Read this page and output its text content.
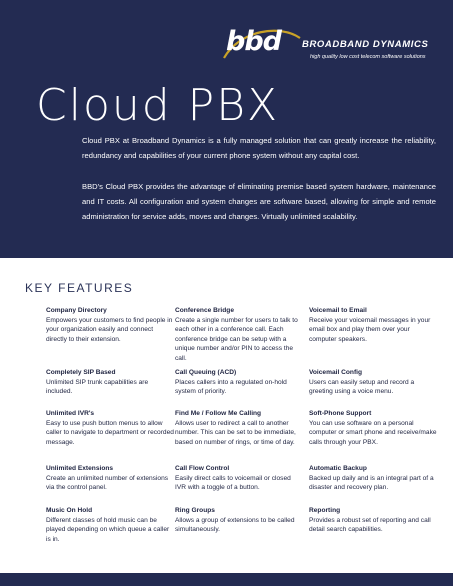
bbd BROADBAND DYNAMICS
high quality low cost telecom software solutions
Cloud PBX

Cloud PBX at Broadband Dynamics is a fully managed solution that can greatly increase the reliability, redundancy and capabilities of your current phone system without any capital cost.

BBD's Cloud PBX provides the advantage of eliminating premise based system hardware, maintenance and IT costs. All configuration and system changes are software based, allowing for simple and remote administration for service adds, moves and changes. Virtually unlimited scalability.

KEY FEATURES

Company Directory

Empowers your customers to find people in your organization easily and connect directly to their extension.

Completely SIP Based

Unlimited SIP trunk capabilities are included.

Unlimited IVR's

Easy to use push button menus to allow caller to navigate to department or recorded message.

Unlimited Extensions

Create an unlimited number of extensions via the control panel.

Music On Hold

Different classes of hold music can be played depending on which queue a caller is in.

Conference Bridge

Create a single number for users to talk to each other in a conference call. Each conference bridge can be setup with a unique number and/or PIN to access the call.

Call Queuing (ACD)

Places callers into a regulated on-hold system of priority.

Find Me / Follow Me Calling

Allows user to redirect a call to another number. This can be set to be immediate, based on number of rings, or time of day.

Call Flow Control

Easily direct calls to voicemail or closed IVR with a toggle of a button.

Ring Groups

Allows a group of extensions to be called simultaneously.

Voicemail to Email

Receive your voicemail messages in your email box and play them over your computer speakers.

Voicemail Config

Users can easily setup and record a greeting using a voice menu.

Soft-Phone Support

You can use software on a personal computer or smart phone and receive/make calls through your PBX.

Automatic Backup

Backed up daily and is an integral part of a disaster and recovery plan.

Reporting

Provides a robust set of reporting and call detail search capabilities.
